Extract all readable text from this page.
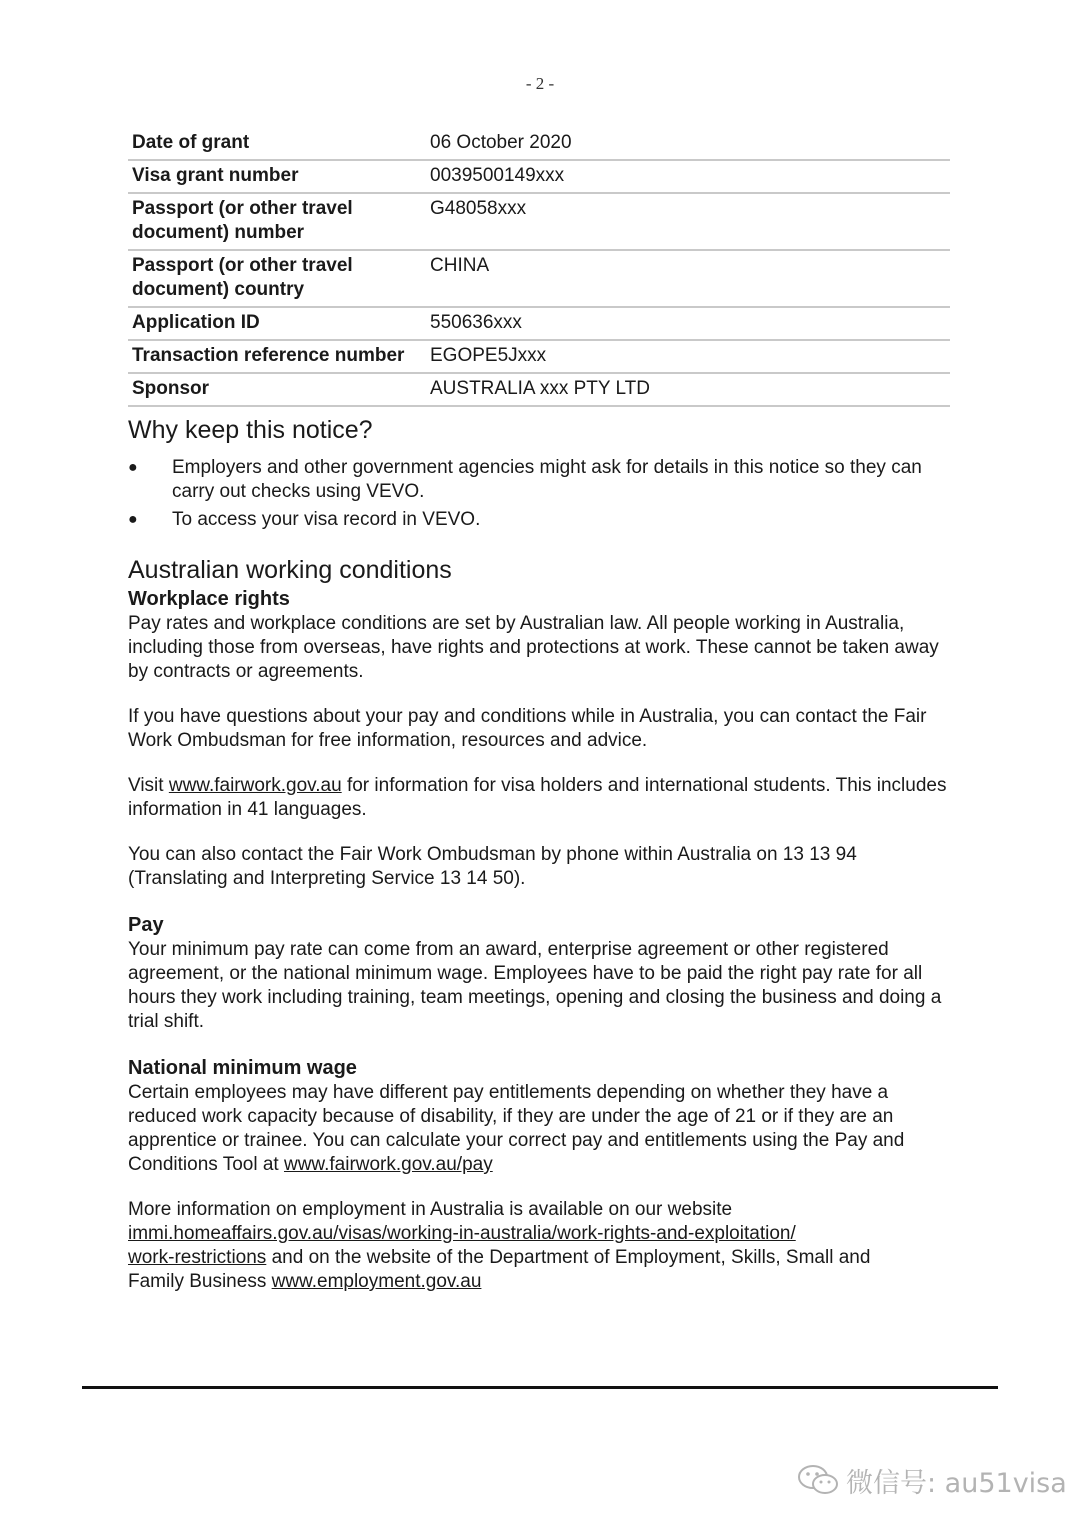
- 2 -
Date of grant	06 October 2020
Visa grant number	0039500149xxx
Passport (or other travel document) number	G48058xxx
Passport (or other travel document) country	CHINA
Application ID	550636xxx
Transaction reference number	EGOPE5Jxxx
Sponsor	AUSTRALIA xxx PTY LTD
Why keep this notice?
● Employers and other government agencies might ask for details in this notice so they can carry out checks using VEVO.
● To access your visa record in VEVO.
Australian working conditions
Workplace rights

Pay rates and workplace conditions are set by Australian law. All people working in Australia, including those from overseas, have rights and protections at work. These cannot be taken away by contracts or agreements.

If you have questions about your pay and conditions while in Australia, you can contact the Fair Work Ombudsman for free information, resources and advice.

Visit www.fairwork.gov.au for information for visa holders and international students. This includes information in 41 languages.

You can also contact the Fair Work Ombudsman by phone within Australia on 13 13 94 (Translating and Interpreting Service 13 14 50).

Pay

Your minimum pay rate can come from an award, enterprise agreement or other registered agreement, or the national minimum wage. Employees have to be paid the right pay rate for all hours they work including training, team meetings, opening and closing the business and doing a trial shift.

National minimum wage

Certain employees may have different pay entitlements depending on whether they have a reduced work capacity because of disability, if they are under the age of 21 or if they are an apprentice or trainee. You can calculate your correct pay and entitlements using the Pay and Conditions Tool at www.fairwork.gov.au/pay

More information on employment in Australia is available on our website immi.homeaffairs.gov.au/visas/working-in-australia/work-rights-and-exploitation/
work-restrictions and on the website of the Department of Employment, Skills, Small and Family Business www.employment.gov.au

微信号: au51visa
